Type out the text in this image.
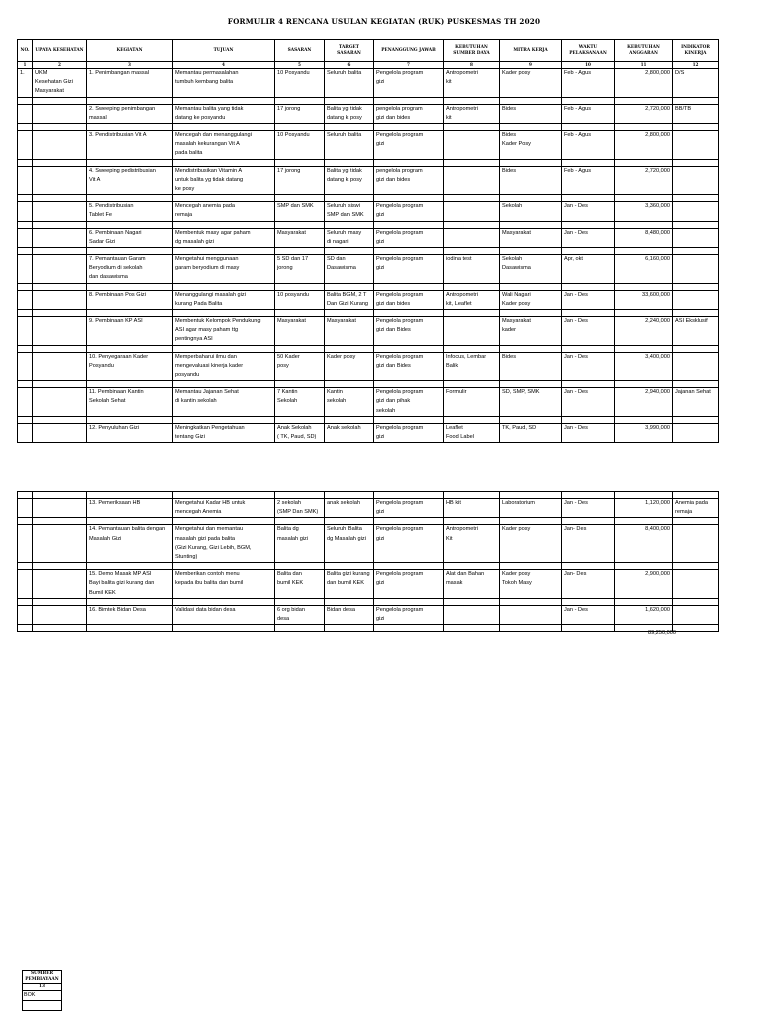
FORMULIR 4 RENCANA USULAN KEGIATAN (RUK) PUSKESMAS TH 2020
NO.	UPAYA KESEHATAN	KEGIATAN	TUJUAN	SASARAN	TARGET SASARAN	PENANGGUNG JAWAB	KEBUTUHAN SUMBER DAYA	MITRA KERJA	WAKTU PELAKSANAAN	KEBUTUHAN ANGGARAN	INDIKATOR KINERJA
1	2	3	4	5	6	7	8	9	10	11	12
1.	UKM
Kesehatan Gizi
Masyarakat	1. Penimbangan massal	Memantau permasalahan
tumbuh kembang balita	10 Posyandu	Seluruh balita	Pengelola program
gizi	Antropometri
kit	Kader posy	Feb - Agus	2,800,000	D/S

		2. Sweeping penimbangan
massal	Memantau balita yang tidak
datang ke posyandu	17 jorong	Balita yg tidak
datang k posy	pengelola program
gizi dan bides	Antropometri
kit	Bides	Feb - Agus	2,720,000	BB/TB

		3. Pendistribusian Vit A	Mencegah dan menanggulangi
masalah kekurangan Vit A
pada balita	10 Posyandu	Seluruh balita	Pengelola program
gizi		Bides
Kader Posy	Feb - Agus	2,800,000	

		4. Sweeping pedistribusian
Vit A	Mendistribusikan Vitamin A
untuk balita yg tidak datang
ke posy	17 jorong	Balita yg tidak
datang k posy	pengelola program
gizi dan bides		Bides	Feb - Agus	2,720,000	

		5. Pendistribusian
Tablet Fe	Mencegah anemia pada
remaja	SMP dan SMK	Seluruh siswi
SMP dan SMK	Pengelola program
gizi		Sekolah	Jan - Des	3,360,000	

		6. Pembinaan Nagari
Sadar Gizi	Membentuk masy agar paham
dg masalah gizi	Masyarakat	Seluruh masy
di nagari	Pengelola program
gizi		Masyarakat	Jan - Des	8,480,000	

		7. Pemantauan Garam
Beryodium di sekolah
dan dasawisma	Mengetahui menggunaan
garam beryodium di masy	5 SD dan 17
jorong	SD dan
Dasawisma	Pengelola program
gizi	iodina test	Sekolah
Dasawisma	Apr, okt	6,160,000	

		8. Pembinaan Pos Gizi	Menanggulangi masalah gizi
kurang Pada Balita	10 posyandu	Balita BGM, 2 T
Dan Gizi Kurang	Pengelola program
gizi dan bides	Antropometri
kit, Leaflet	Wali Nagari
Kader posy	Jan - Des	33,600,000	

		9. Pembinaan KP ASI	Membentuk Kelompok Pendukung
ASI agar masy paham ttg
pentingnya ASI	Masyarakat	Masyarakat	Pengelola program
gizi dan Bides		Masyarakat
kader	Jan - Des	2,240,000	ASI Eksklusif

		10. Penyegaraan Kader
Posyandu	Memperbaharui ilmu dan
mengevaluasi kinerja kader
posyandu	50 Kader
posy	Kader posy	Pengelola program
gizi dan Bides	Infocus, Lembar
Balik	Bides	Jan - Des	3,400,000	

		11. Pembinaan Kantin
Sekolah Sehat	Memantau Jajanan Sehat
di kantin sekolah	7 Kantin
Sekolah	Kantin
sekolah	Pengelola program
gizi dan pihak
sekolah	Formulir	SD, SMP, SMK	Jan - Des	2,940,000	Jajanan Sehat

		12. Penyuluhan Gizi	Meningkatkan Pengetahuan
tentang Gizi	Anak Sekolah
( TK, Paud, SD)	Anak sekolah	Pengelola program
gizi	Leaflet
Food Label	TK, Paud, SD	Jan - Des	3,990,000	

		13. Pemeriksaan HB	Mengetahui Kadar HB untuk
mencegah Anemia	2 sekolah
(SMP Dan SMK)	anak sekolah	Pengelola program
gizi	HB kit	Laboratorium	Jan - Des	1,120,000	Anemia pada
remaja

		14. Pemantauan balita dengan
Masalah Gizi	Mengetahui dan memantau
masalah gizi pada balita
(Gizi Kurang, Gizi Lebih, BGM,
Stunting)	Balita dg
masalah gizi	Seluruh Balita
dg Masalah gizi	Pengelola program
gizi	Antropometri
Kit	Kader posy	Jan- Des	8,400,000	

		15. Demo Masak MP ASI
Bayi balita gizi kurang dan
Bumil KEK	Memberikan contoh menu
kepada ibu balita dan bumil	Balita dan
bumil KEK	Balita gizi kurang
dan bumil KEK	Pengelola program
gizi	Alat dan Bahan
masak	Kader posy
Tokoh Masy	Jan- Des	2,900,000	

		16. Bimtek Bidan Desa	Validasi data bidan desa	6 org bidan
desa	Bidan desa	Pengelola program
gizi			Jan - Des	1,620,000	

89,250,000
SUMBER PEMBIAYAAN
13
BOK
